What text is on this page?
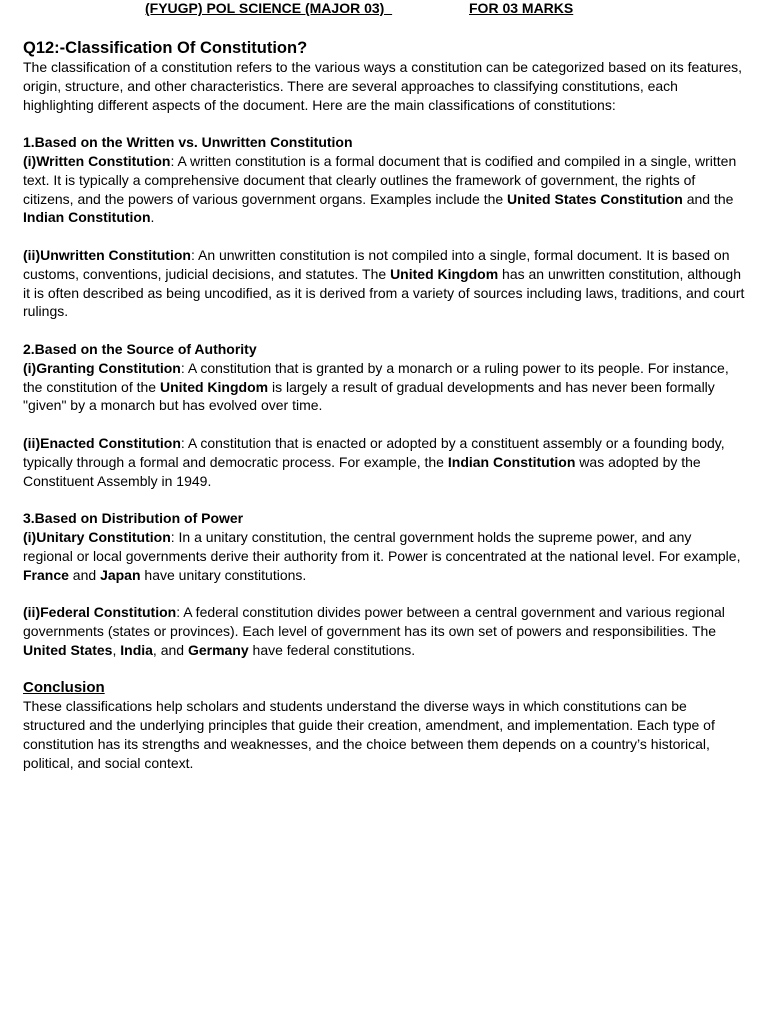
(FYUGP) POL SCIENCE (MAJOR 03)	FOR 03 MARKS
Q12:-Classification Of Constitution?

The classification of a constitution refers to the various ways a constitution can be categorized based on its features, origin, structure, and other characteristics. There are several approaches to classifying constitutions, each highlighting different aspects of the document. Here are the main classifications of constitutions:

1.Based on the Written vs. Unwritten Constitution

(i)Written Constitution: A written constitution is a formal document that is codified and compiled in a single, written text. It is typically a comprehensive document that clearly outlines the framework of government, the rights of citizens, and the powers of various government organs. Examples include the United States Constitution and the Indian Constitution.

(ii)Unwritten Constitution: An unwritten constitution is not compiled into a single, formal document. It is based on customs, conventions, judicial decisions, and statutes. The United Kingdom has an unwritten constitution, although it is often described as being uncodified, as it is derived from a variety of sources including laws, traditions, and court rulings.

2.Based on the Source of Authority

(i)Granting Constitution: A constitution that is granted by a monarch or a ruling power to its people. For instance, the constitution of the United Kingdom is largely a result of gradual developments and has never been formally "given" by a monarch but has evolved over time.

(ii)Enacted Constitution: A constitution that is enacted or adopted by a constituent assembly or a founding body, typically through a formal and democratic process. For example, the Indian Constitution was adopted by the Constituent Assembly in 1949.

3.Based on Distribution of Power

(i)Unitary Constitution: In a unitary constitution, the central government holds the supreme power, and any regional or local governments derive their authority from it. Power is concentrated at the national level. For example, France and Japan have unitary constitutions.

(ii)Federal Constitution: A federal constitution divides power between a central government and various regional governments (states or provinces). Each level of government has its own set of powers and responsibilities. The United States, India, and Germany have federal constitutions.

Conclusion

These classifications help scholars and students understand the diverse ways in which constitutions can be structured and the underlying principles that guide their creation, amendment, and implementation. Each type of constitution has its strengths and weaknesses, and the choice between them depends on a country’s historical, political, and social context.
